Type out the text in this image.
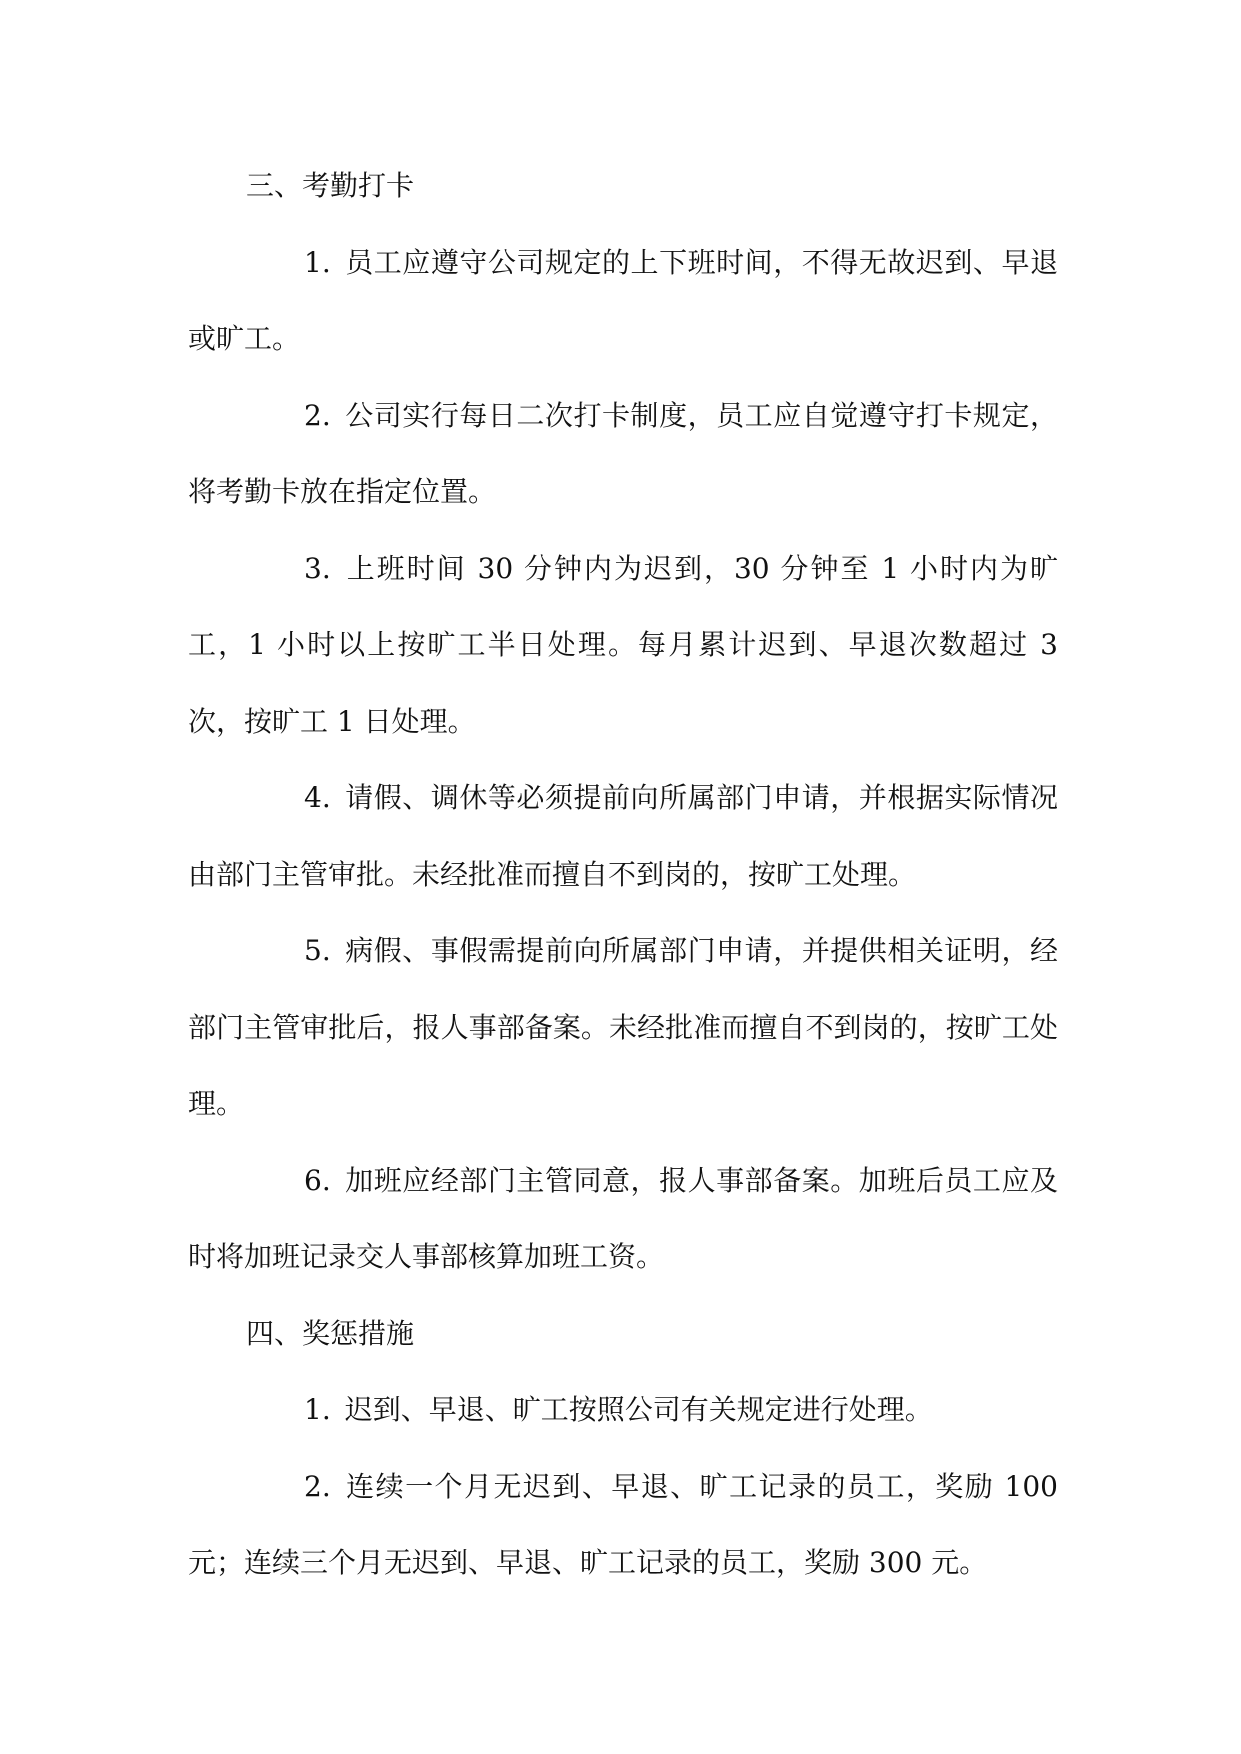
三、考勤打卡

1. 员工应遵守公司规定的上下班时间，不得无故迟到、早退或旷工。

2. 公司实行每日二次打卡制度，员工应自觉遵守打卡规定，将考勤卡放在指定位置。

3. 上班时间 30 分钟内为迟到，30 分钟至 1 小时内为旷工，1 小时以上按旷工半日处理。每月累计迟到、早退次数超过 3 次，按旷工 1 日处理。

4. 请假、调休等必须提前向所属部门申请，并根据实际情况由部门主管审批。未经批准而擅自不到岗的，按旷工处理。

5. 病假、事假需提前向所属部门申请，并提供相关证明，经部门主管审批后，报人事部备案。未经批准而擅自不到岗的，按旷工处理。

6. 加班应经部门主管同意，报人事部备案。加班后员工应及时将加班记录交人事部核算加班工资。

四、奖惩措施

1. 迟到、早退、旷工按照公司有关规定进行处理。

2. 连续一个月无迟到、早退、旷工记录的员工，奖励 100 元；连续三个月无迟到、早退、旷工记录的员工，奖励 300 元。
